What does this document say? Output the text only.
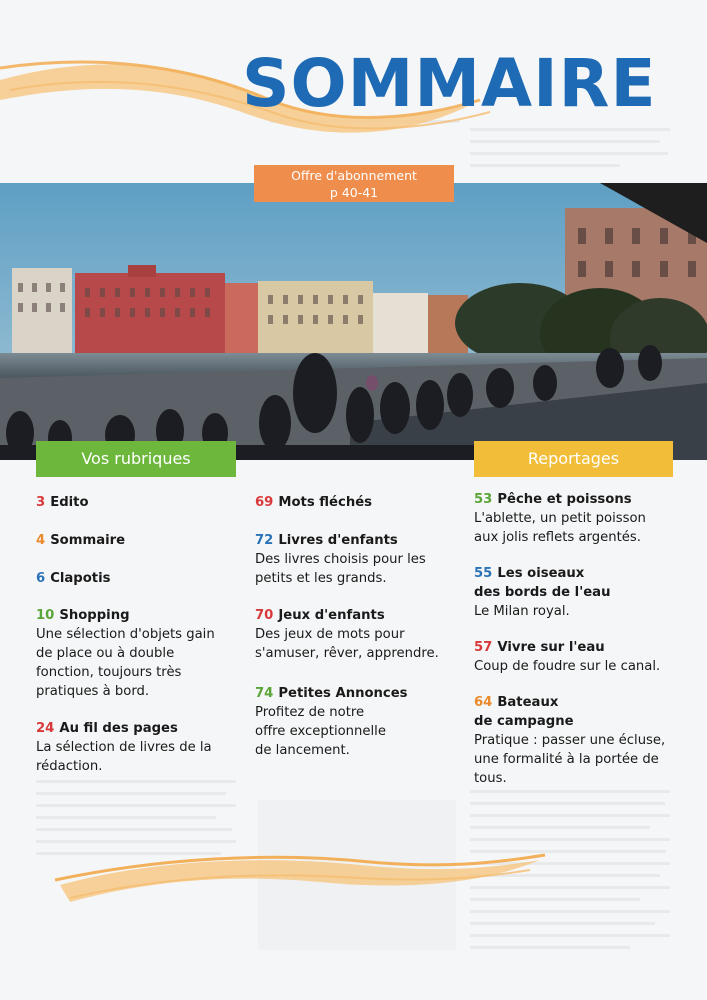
SOMMAIRE
Offre d'abonnement
p 40-41
Vos rubriques	Reportages
3 Edito
4 Sommaire
6 Clapotis
10 Shopping
Une sélection d'objets gain
de place ou à double
fonction, toujours très
pratiques à bord.
24 Au fil des pages
La sélection de livres de la
rédaction.
69 Mots fléchés
72 Livres d'enfants
Des livres choisis pour les
petits et les grands.
70 Jeux d'enfants
Des jeux de mots pour
s'amuser, rêver, apprendre.
74 Petites Annonces
Profitez de notre
offre exceptionnelle
de lancement.
53 Pêche et poissons
L'ablette, un petit poisson
aux jolis reflets argentés.
55 Les oiseaux
des bords de l'eau
Le Milan royal.
57 Vivre sur l'eau
Coup de foudre sur le canal.
64 Bateaux
de campagne
Pratique : passer une écluse,
une formalité à la portée de
tous.
